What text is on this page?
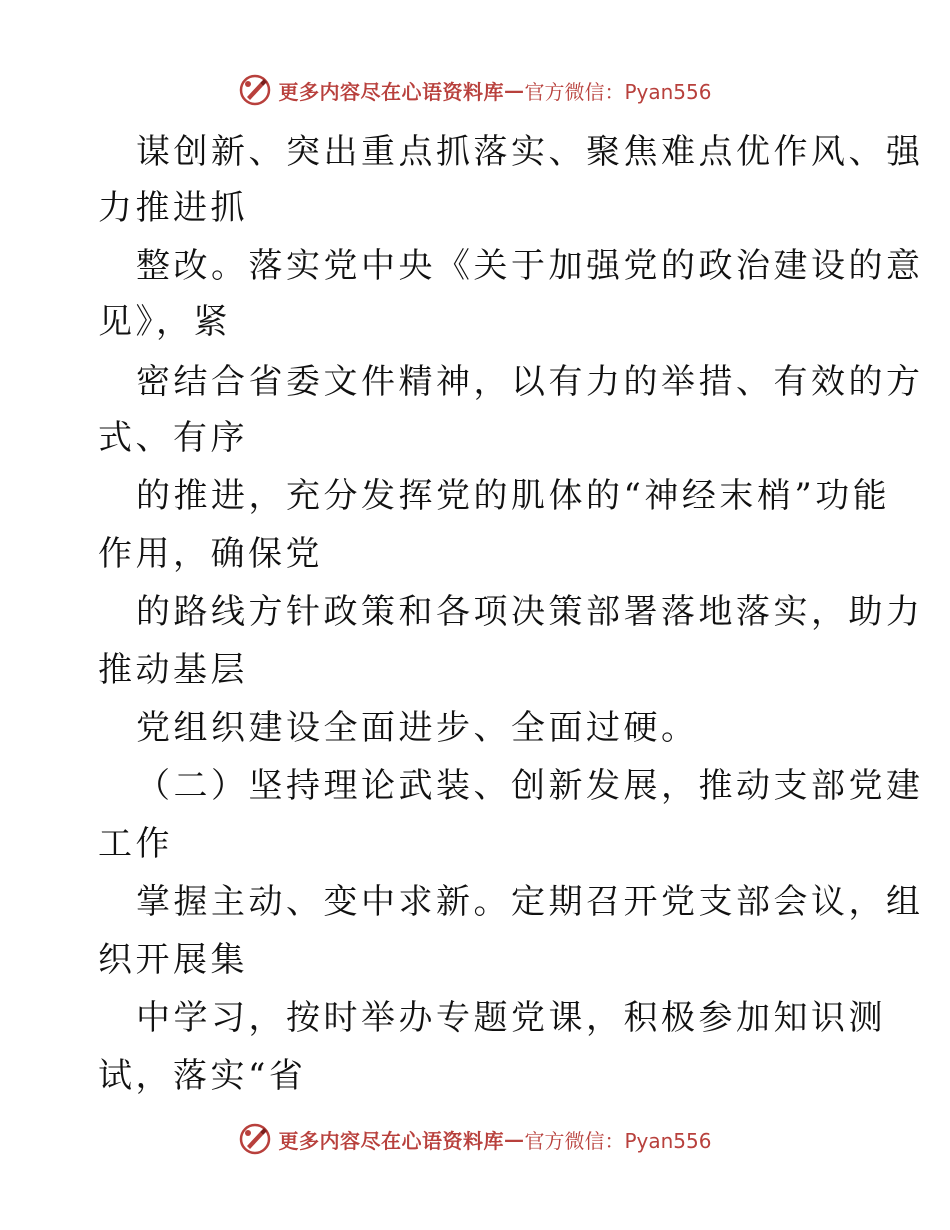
更多内容尽在心语资料库 — 官方微信：Pyan556
谋创新、突出重点抓落实、聚焦难点优作风、强
力推进抓
整改。落实党中央《关于加强党的政治建设的意
见》，紧
密结合省委文件精神，以有力的举措、有效的方
式、有序
的推进，充分发挥党的肌体的“神经末梢”功能
作用，确保党
的路线方针政策和各项决策部署落地落实，助力
推动基层
党组织建设全面进步、全面过硬。
（二）坚持理论武装、创新发展，推动支部党建
工作
掌握主动、变中求新。定期召开党支部会议，组
织开展集
中学习，按时举办专题党课，积极参加知识测
试，落实“省
更多内容尽在心语资料库 — 官方微信：Pyan556
